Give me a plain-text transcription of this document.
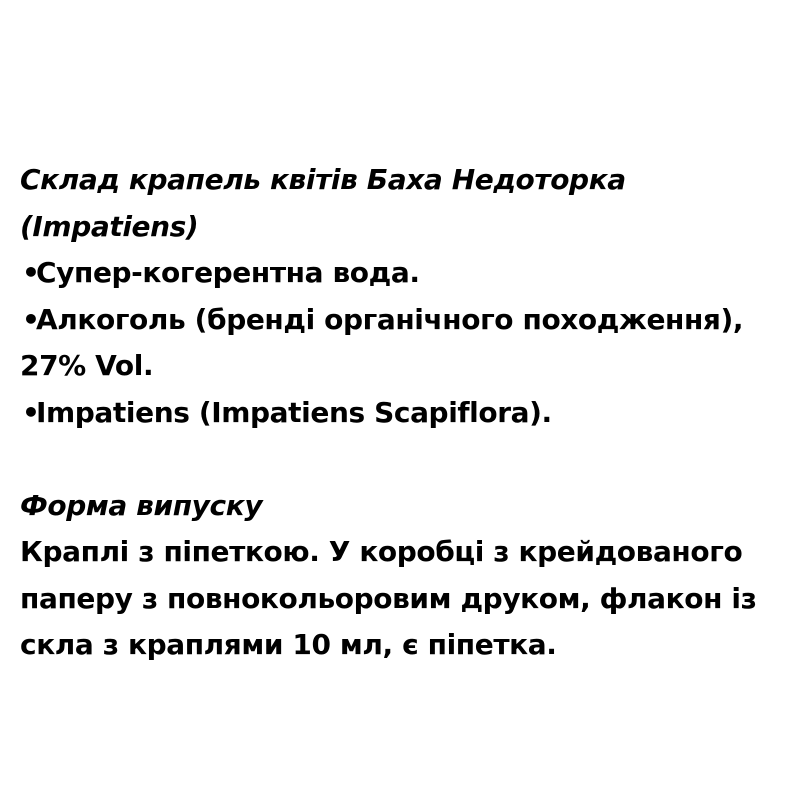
Склад крапель квітів Баха Недоторка
(Impatiens)
•
Супер-когерентна вода.
•
Алкоголь (бренді органічного походження),
27% Vol.
•
Impatiens (Impatiens Scapiflora).
Форма випуску
Краплі з піпеткою. У коробці з крейдованого
паперу з повнокольоровим друком, флакон із
скла з краплями 10 мл, є піпетка.
